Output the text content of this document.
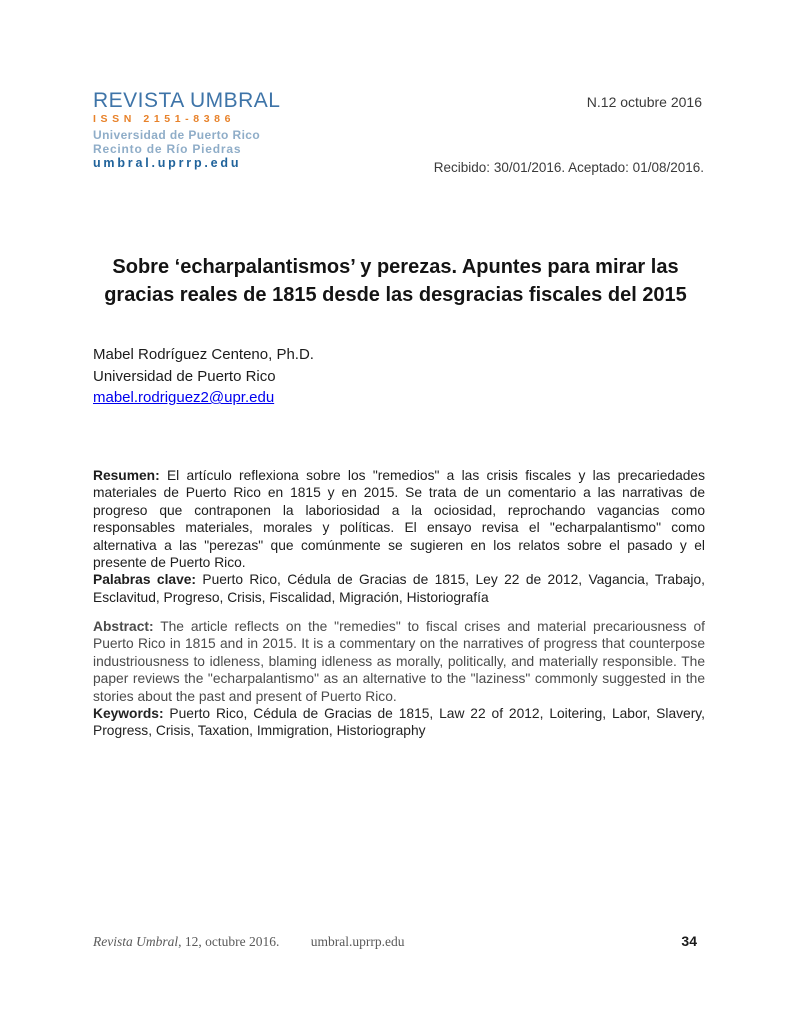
REVISTA UMBRAL
ISSN 2151-8386
Universidad de Puerto Rico
Recinto de Río Piedras
umbral.uprrp.edu
N.12 octubre 2016
Recibido: 30/01/2016. Aceptado: 01/08/2016.
Sobre ‘echarpalantismos’ y perezas. Apuntes para mirar las gracias reales de 1815 desde las desgracias fiscales del 2015
Mabel Rodríguez Centeno, Ph.D.
Universidad de Puerto Rico
mabel.rodriguez2@upr.edu

Resumen: El artículo reflexiona sobre los "remedios" a las crisis fiscales y las precariedades materiales de Puerto Rico en 1815 y en 2015. Se trata de un comentario a las narrativas de progreso que contraponen la laboriosidad a la ociosidad, reprochando vagancias como responsables materiales, morales y políticas. El ensayo revisa el "echarpalantismo" como alternativa a las "perezas" que comúnmente se sugieren en los relatos sobre el pasado y el presente de Puerto Rico.

Palabras clave: Puerto Rico, Cédula de Gracias de 1815, Ley 22 de 2012, Vagancia, Trabajo, Esclavitud, Progreso, Crisis, Fiscalidad, Migración, Historiografía

Abstract: The article reflects on the "remedies" to fiscal crises and material precariousness of Puerto Rico in 1815 and in 2015. It is a commentary on the narratives of progress that counterpose industriousness to idleness, blaming idleness as morally, politically, and materially responsible. The paper reviews the "echarpalantismo" as an alternative to the "laziness" commonly suggested in the stories about the past and present of Puerto Rico.

Keywords: Puerto Rico, Cédula de Gracias de 1815, Law 22 of 2012, Loitering, Labor, Slavery, Progress, Crisis, Taxation, Immigration, Historiography

Revista Umbral, 12, octubre 2016. umbral.uprrp.edu	34
